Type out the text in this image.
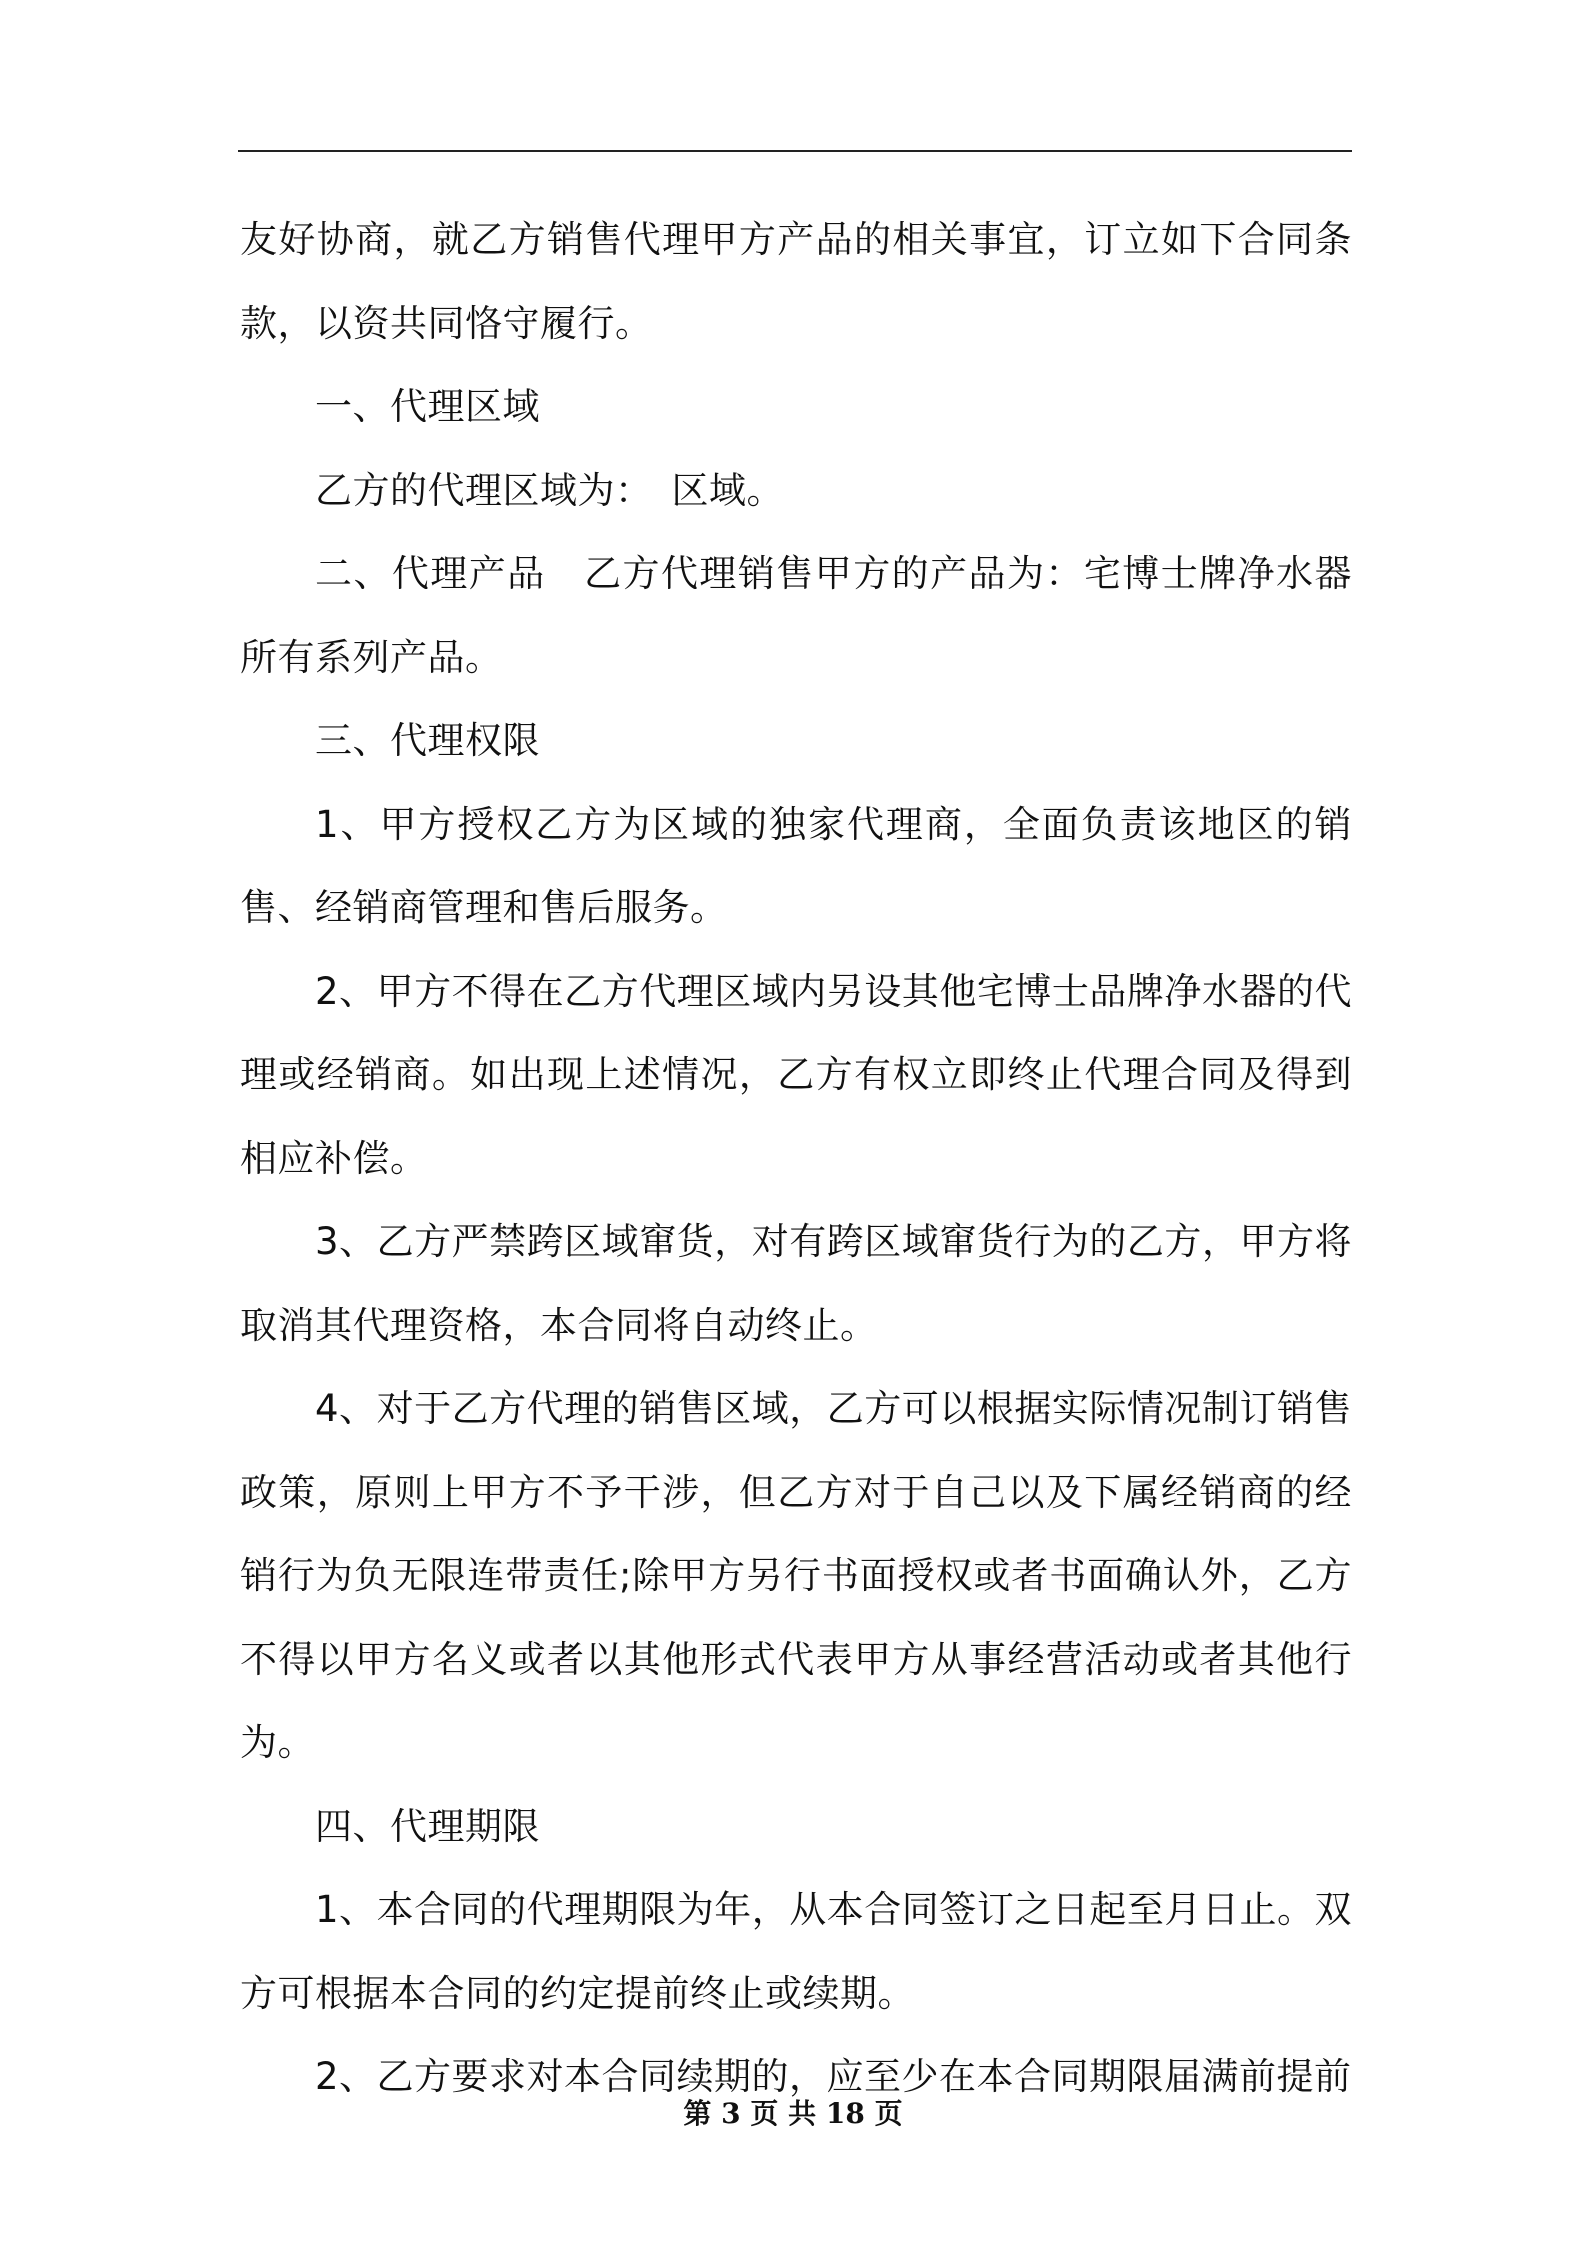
友好协商，就乙方销售代理甲方产品的相关事宜，订立如下合同条款，以资共同恪守履行。

一、代理区域

乙方的代理区域为：　区域。

二、代理产品　乙方代理销售甲方的产品为：宅博士牌净水器所有系列产品。

三、代理权限

1、甲方授权乙方为区域的独家代理商，全面负责该地区的销售、经销商管理和售后服务。

2、甲方不得在乙方代理区域内另设其他宅博士品牌净水器的代理或经销商。如出现上述情况，乙方有权立即终止代理合同及得到相应补偿。

3、乙方严禁跨区域窜货，对有跨区域窜货行为的乙方，甲方将取消其代理资格，本合同将自动终止。

4、对于乙方代理的销售区域，乙方可以根据实际情况制订销售政策，原则上甲方不予干涉，但乙方对于自己以及下属经销商的经销行为负无限连带责任;除甲方另行书面授权或者书面确认外，乙方不得以甲方名义或者以其他形式代表甲方从事经营活动或者其他行为。

四、代理期限

1、本合同的代理期限为年，从本合同签订之日起至月日止。双方可根据本合同的约定提前终止或续期。

2、乙方要求对本合同续期的，应至少在本合同期限届满前提前

第 3 页 共 18 页
